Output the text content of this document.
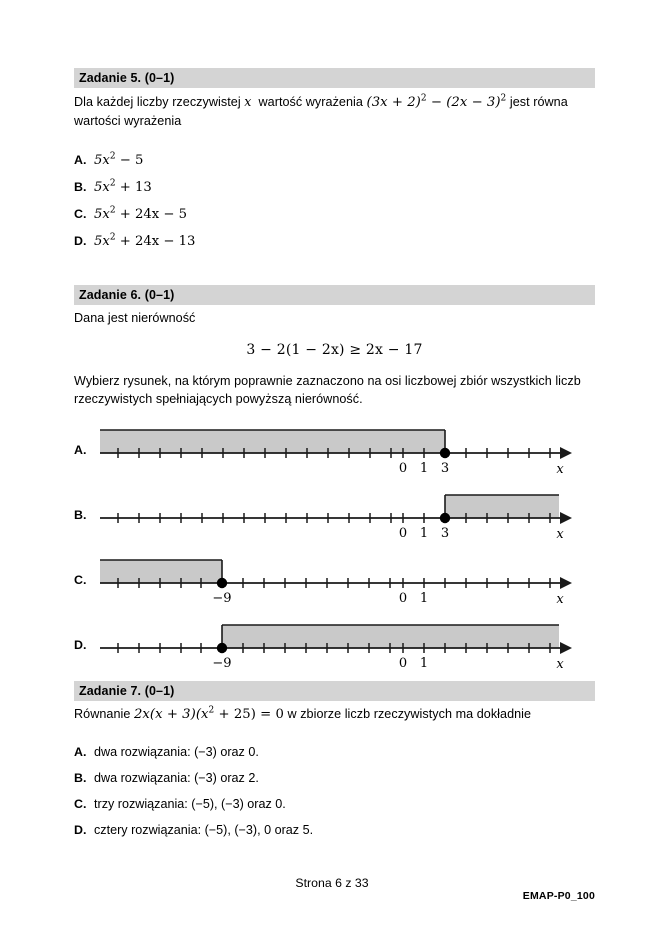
Zadanie 5. (0–1)
Dla każdej liczby rzeczywistej x wartość wyrażenia $(3x + 2)^2 - (2x - 3)^2$ jest równa wartości wyrażenia
A. $5x^2 - 5$
B. $5x^2 + 13$
C. $5x^2 + 24x - 5$
D. $5x^2 + 24x - 13$
Zadanie 6. (0–1)
Dana jest nierówność
3 − 2(1 − 2x) ≥ 2x − 17
Wybierz rysunek, na którym poprawnie zaznaczono na osi liczbowej zbiór wszystkich liczb rzeczywistych spełniających powyższą nierówność.
A.
0 1 3	x
B.
0 1 3	x
C.
−9	0 1	x
D.
−9	0 1	x
Zadanie 7. (0–1)
Równanie $2x(x + 3)(x^2 + 25) = 0$ w zbiorze liczb rzeczywistych ma dokładnie
A. dwa rozwiązania: (−3) oraz 0.
B. dwa rozwiązania: (−3) oraz 2.
C. trzy rozwiązania: (−5), (−3) oraz 0.
D. cztery rozwiązania: (−5), (−3), 0 oraz 5.
Strona 6 z 33
EMAP-P0_100
